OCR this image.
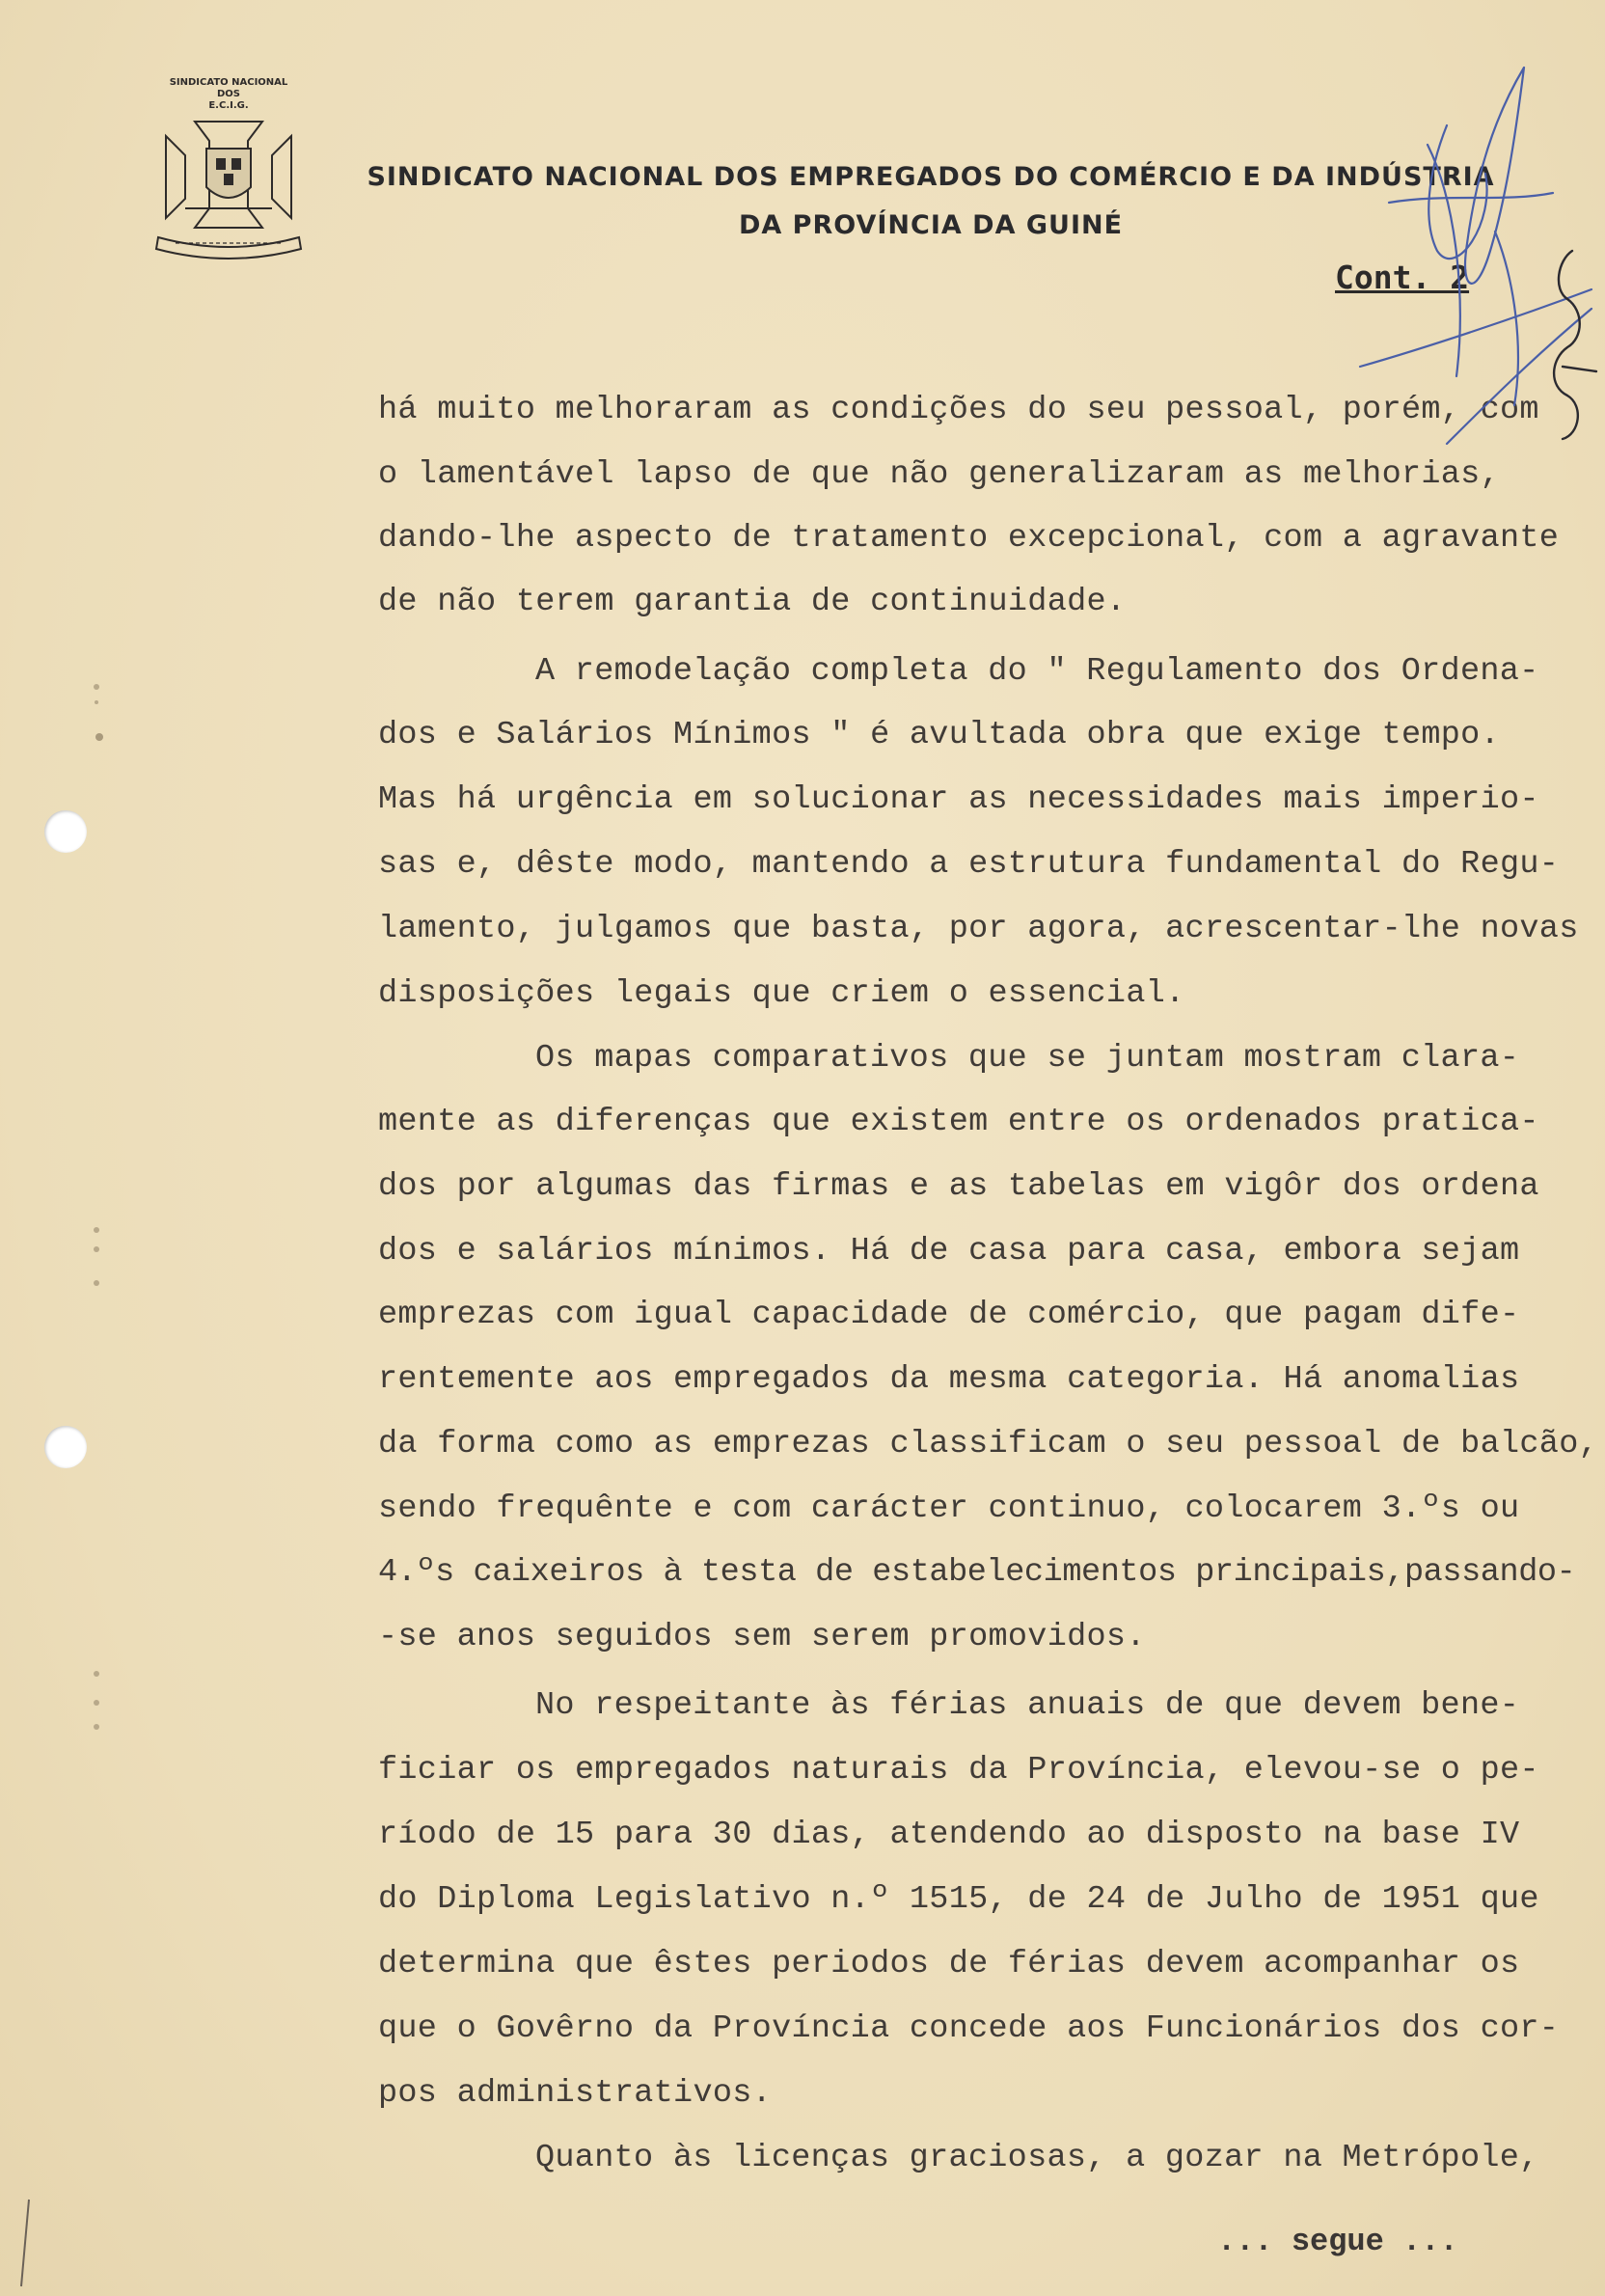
SINDICATO NACIONAL
DOS
E.C.I.G.
SINDICATO NACIONAL DOS EMPREGADOS DO COMÉRCIO E DA INDÚSTRIA
DA PROVÍNCIA DA GUINÉ
Cont. 2
há muito melhoraram as condições do seu pessoal, porém, com
o lamentável lapso de que não generalizaram as melhorias,
dando-lhe aspecto de tratamento excepcional, com a agravante
de não terem garantia de continuidade.
A remodelação completa do " Regulamento dos Ordena-
dos e Salários Mínimos " é avultada obra que exige tempo.
Mas há urgência em solucionar as necessidades mais imperio-
sas e, dêste modo, mantendo a estrutura fundamental do Regu-
lamento, julgamos que basta, por agora, acrescentar-lhe novas
disposições legais que criem o essencial.
Os mapas comparativos que se juntam mostram clara-
mente as diferenças que existem entre os ordenados pratica-
dos por algumas das firmas e as tabelas em vigôr dos ordena
dos e salários mínimos. Há de casa para casa, embora sejam
emprezas com igual capacidade de comércio, que pagam dife-
rentemente aos empregados da mesma categoria. Há anomalias
da forma como as emprezas classificam o seu pessoal de balcão,
sendo frequênte e com carácter continuo, colocarem 3.ºs ou
4.ºs caixeiros à testa de estabelecimentos principais,passando-
-se anos seguidos sem serem promovidos.
No respeitante às férias anuais de que devem bene-
ficiar os empregados naturais da Província, elevou-se o pe-
ríodo de 15 para 30 dias, atendendo ao disposto na base IV
do Diploma Legislativo n.º 1515, de 24 de Julho de 1951 que
determina que êstes periodos de férias devem acompanhar os
que o Govêrno da Província concede aos Funcionários dos cor-
pos administrativos.
Quanto às licenças graciosas, a gozar na Metrópole,
... segue ...
